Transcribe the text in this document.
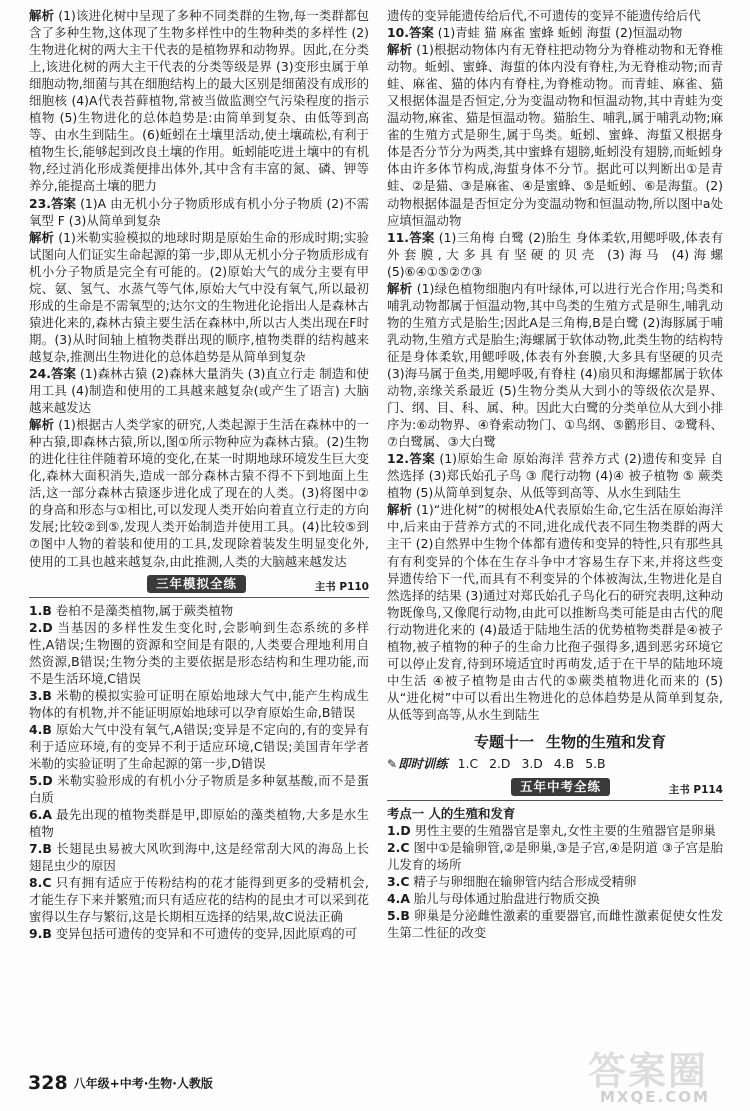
解析 (1)该进化树中呈现了多种不同类群的生物,每一类群都包含了多种生物,这体现了生物多样性中的生物种类的多样性 (2)生物进化树的两大主干代表的是植物界和动物界。因此,在分类上,该进化树的两大主干代表的分类等级是界 (3)变形虫属于单细胞动物,细菌与其在细胞结构上的最大区别是细菌没有成形的细胞核 (4)A代表苔藓植物,常被当做监测空气污染程度的指示植物 (5)生物进化的总体趋势是:由简单到复杂、由低等到高等、由水生到陆生。(6)蚯蚓在土壤里活动,使土壤疏松,有利于植物生长,能够起到改良土壤的作用。蚯蚓能吃进土壤中的有机物,经过消化形成粪便排出体外,其中含有丰富的氮、磷、钾等养分,能提高土壤的肥力

23.答案 (1)A 由无机小分子物质形成有机小分子物质 (2)不需氧型 F (3)从简单到复杂

解析 (1)米勒实验模拟的地球时期是原始生命的形成时期;实验试图向人们证实生命起源的第一步,即从无机小分子物质形成有机小分子物质是完全有可能的。(2)原始大气的成分主要有甲烷、氨、氢气、水蒸气等气体,原始大气中没有氧气,所以最初形成的生命是不需氧型的;达尔文的生物进化论指出人是森林古猿进化来的,森林古猿主要生活在森林中,所以古人类出现在F时期。(3)从时间轴上植物类群出现的顺序,植物类群的结构越来越复杂,推测出生物进化的总体趋势是从简单到复杂

24.答案 (1)森林古猿 (2)森林大量消失 (3)直立行走 制造和使用工具 (4)制造和使用的工具越来越复杂(或产生了语言) 大脑越来越发达

解析 (1)根据古人类学家的研究,人类起源于生活在森林中的一种古猿,即森林古猿,所以,图①所示物种应为森林古猿。(2)生物的进化往往伴随着环境的变化,在某一时期地球环境发生巨大变化,森林大面积消失,造成一部分森林古猿不得不下到地面上生活,这一部分森林古猿逐步进化成了现在的人类。(3)将图中②的身高和形态与①相比,可以发现人类开始向着直立行走的方向发展;比较②到⑤,发现人类开始制造并使用工具。(4)比较⑤到⑦图中人物的着装和使用的工具,发现除着装发生明显变化外,使用的工具也越来越复杂,由此推测,人类的大脑越来越发达

三年模拟全练	主书 P110

1.B 卷柏不是藻类植物,属于蕨类植物

2.D 当基因的多样性发生变化时,会影响到生态系统的多样性,A错误;生物圈的资源和空间是有限的,人类要合理地利用自然资源,B错误;生物分类的主要依据是形态结构和生理功能,而不是生活环境,C错误

3.B 米勒的模拟实验可证明在原始地球大气中,能产生构成生物体的有机物,并不能证明原始地球可以孕育原始生命,B错误

4.B 原始大气中没有氧气,A错误;变异是不定向的,有的变异有利于适应环境,有的变异不利于适应环境,C错误;美国青年学者米勒的实验证明了生命起源的第一步,D错误

5.D 米勒实验形成的有机小分子物质是多种氨基酸,而不是蛋白质

6.A 最先出现的植物类群是甲,即原始的藻类植物,大多是水生植物

7.B 长翅昆虫易被大风吹到海中,这是经常刮大风的海岛上长翅昆虫少的原因

8.C 只有拥有适应于传粉结构的花才能得到更多的受精机会,才能生存下来并繁殖;而只有适应花的结构的昆虫才可以采到花蜜得以生存与繁衍,这是长期相互选择的结果,故C说法正确

9.B 变异包括可遗传的变异和不可遗传的变异,因此原鸡的可

遗传的变异能遗传给后代,不可遗传的变异不能遗传给后代

10.答案 (1)青蛙 猫 麻雀 蜜蜂 蚯蚓 海蜇 (2)恒温动物

解析 (1)根据动物体内有无脊柱把动物分为脊椎动物和无脊椎动物。蚯蚓、蜜蜂、海蜇的体内没有脊柱,为无脊椎动物;而青蛙、麻雀、猫的体内有脊柱,为脊椎动物。而青蛙、麻雀、猫又根据体温是否恒定,分为变温动物和恒温动物,其中青蛙为变温动物,麻雀、猫是恒温动物。猫胎生、哺乳,属于哺乳动物;麻雀的生殖方式是卵生,属于鸟类。蚯蚓、蜜蜂、海蜇又根据身体是否分节分为两类,其中蜜蜂有翅膀,蚯蚓没有翅膀,而蚯蚓身体由许多体节构成,海蜇身体不分节。据此可以判断出①是青蛙、②是猫、③是麻雀、④是蜜蜂、⑤是蚯蚓、⑥是海蜇。(2)动物根据体温是否恒定分为变温动物和恒温动物,所以图中a处应填恒温动物

11.答案 (1)三角梅 白鹭 (2)胎生 身体柔软,用鳃呼吸,体表有外套膜,大多具有坚硬的贝壳 (3)海马 (4)海螺 (5)⑥④①⑤②⑦③

解析 (1)绿色植物细胞内有叶绿体,可以进行光合作用;鸟类和哺乳动物都属于恒温动物,其中鸟类的生殖方式是卵生,哺乳动物的生殖方式是胎生;因此A是三角梅,B是白鹭 (2)海豚属于哺乳动物,生殖方式是胎生;海螺属于软体动物,此类生物的结构特征是身体柔软,用鳃呼吸,体表有外套膜,大多具有坚硬的贝壳 (3)海马属于鱼类,用鳃呼吸,有脊柱 (4)扇贝和海螺都属于软体动物,亲缘关系最近 (5)生物分类从大到小的等级依次是界、门、纲、目、科、属、种。因此大白鹭的分类单位从大到小排序为:⑥动物界、④脊索动物门、①鸟纲、⑤鹳形目、②鹭科、⑦白鹭属、③大白鹭

12.答案 (1)原始生命 原始海洋 营养方式 (2)遗传和变异 自然选择 (3)郑氏始孔子鸟 ③ 爬行动物 (4)④ 被子植物 ⑤ 蕨类植物 (5)从简单到复杂、从低等到高等、从水生到陆生

解析 (1)“进化树”的树根处A代表原始生命,它生活在原始海洋中,后来由于营养方式的不同,进化成代表不同生物类群的两大主干 (2)自然界中生物个体都有遗传和变异的特性,只有那些具有有利变异的个体在生存斗争中才容易生存下来,并将这些变异遗传给下一代,而具有不利变异的个体被淘汰,生物进化是自然选择的结果 (3)通过对郑氏始孔子鸟化石的研究表明,这种动物既像鸟,又像爬行动物,由此可以推断鸟类可能是由古代的爬行动物进化来的 (4)最适于陆地生活的优势植物类群是④被子植物,被子植物的种子的生命力比孢子强得多,遇到恶劣环境它可以停止发育,待到环境适宜时再萌发,适于在干旱的陆地环境中生活 ④被子植物是由古代的⑤蕨类植物进化而来的 (5)从“进化树”中可以看出生物进化的总体趋势是从简单到复杂,从低等到高等,从水生到陆生

专题十一 生物的生殖和发育
✎即时训练 1.C 2.D 3.D 4.B 5.B
五年中考全练	主书 P114

考点一 人的生殖和发育

1.D 男性主要的生殖器官是睾丸,女性主要的生殖器官是卵巢

2.C 图中①是输卵管,②是卵巢,③是子宫,④是阴道 ③子宫是胎儿发育的场所

3.C 精子与卵细胞在输卵管内结合形成受精卵

4.A 胎儿与母体通过胎盘进行物质交换

5.B 卵巢是分泌雌性激素的重要器官,而雌性激素促使女性发生第二性征的改变

328 八年级+中考·生物·人教版	答案圈
MXQE.COM
